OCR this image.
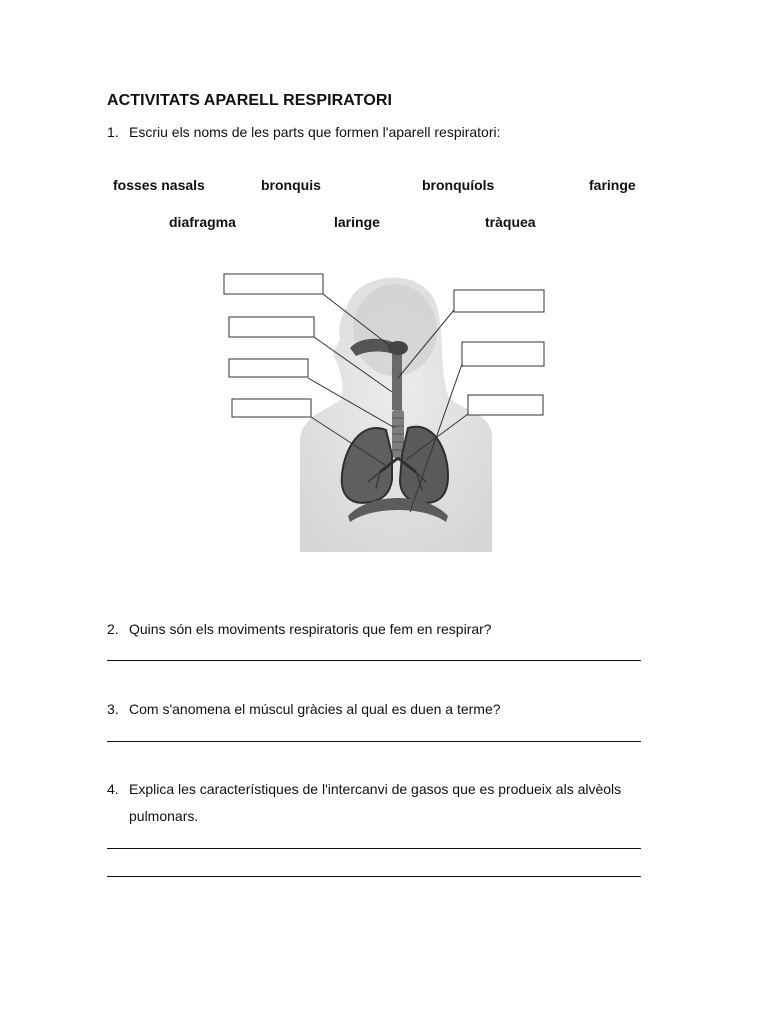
ACTIVITATS APARELL RESPIRATORI
1. Escriu els noms de les parts que formen l'aparell respiratori:
fosses nasals	bronquis	bronquíols	faringe
diafragma	laringe	tràquea
2. Quins són els moviments respiratoris que fem en respirar?
3. Com s'anomena el múscul gràcies al qual es duen a terme?
4. Explica les característiques de l'intercanvi de gasos que es produeix als alvèols
pulmonars.
